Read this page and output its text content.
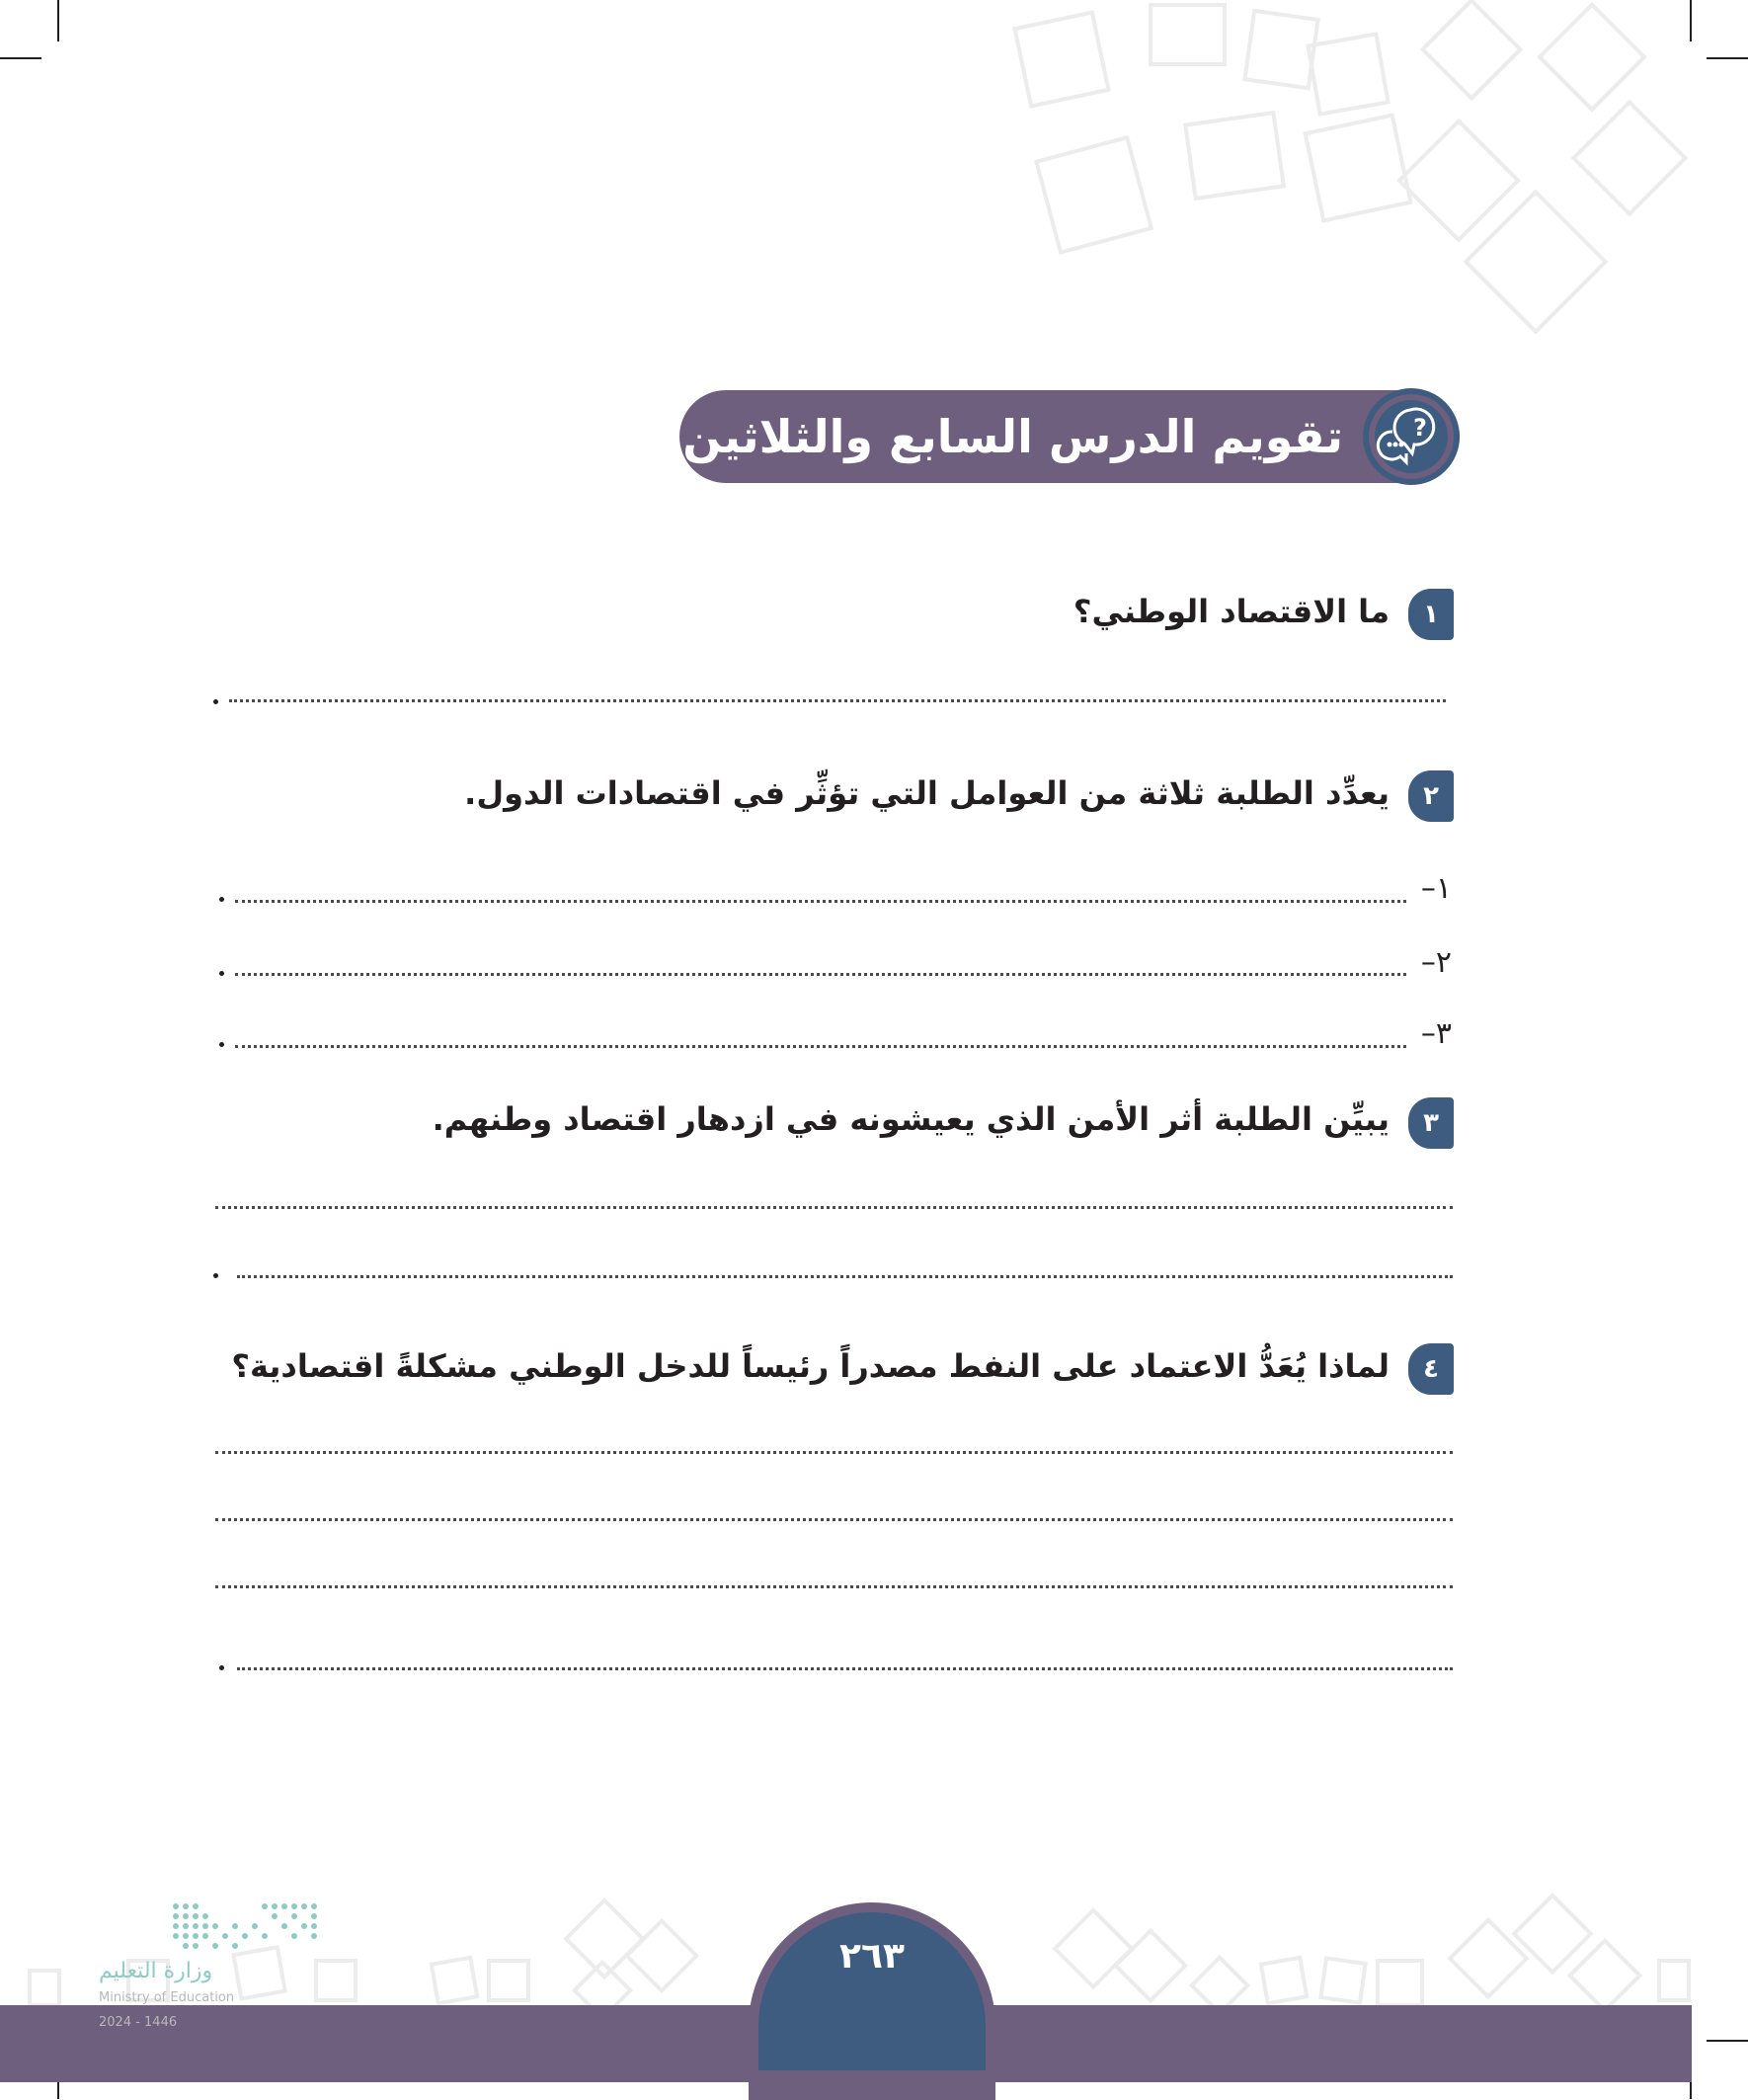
تقويم الدرس السابع والثلاثين	?
١
ما الاقتصاد الوطني؟
٢
يعدِّد الطلبة ثلاثة من العوامل التي تؤثِّر في اقتصادات الدول.
١–
٢–
٣–
٣
يبيِّن الطلبة أثر الأمن الذي يعيشونه في ازدهار اقتصاد وطنهم.
٤
لماذا يُعَدُّ الاعتماد على النفط مصدراً رئيساً للدخل الوطني مشكلةً اقتصادية؟
٢٦٣
وزارة التعليم
Ministry of Education
2024 - 1446
